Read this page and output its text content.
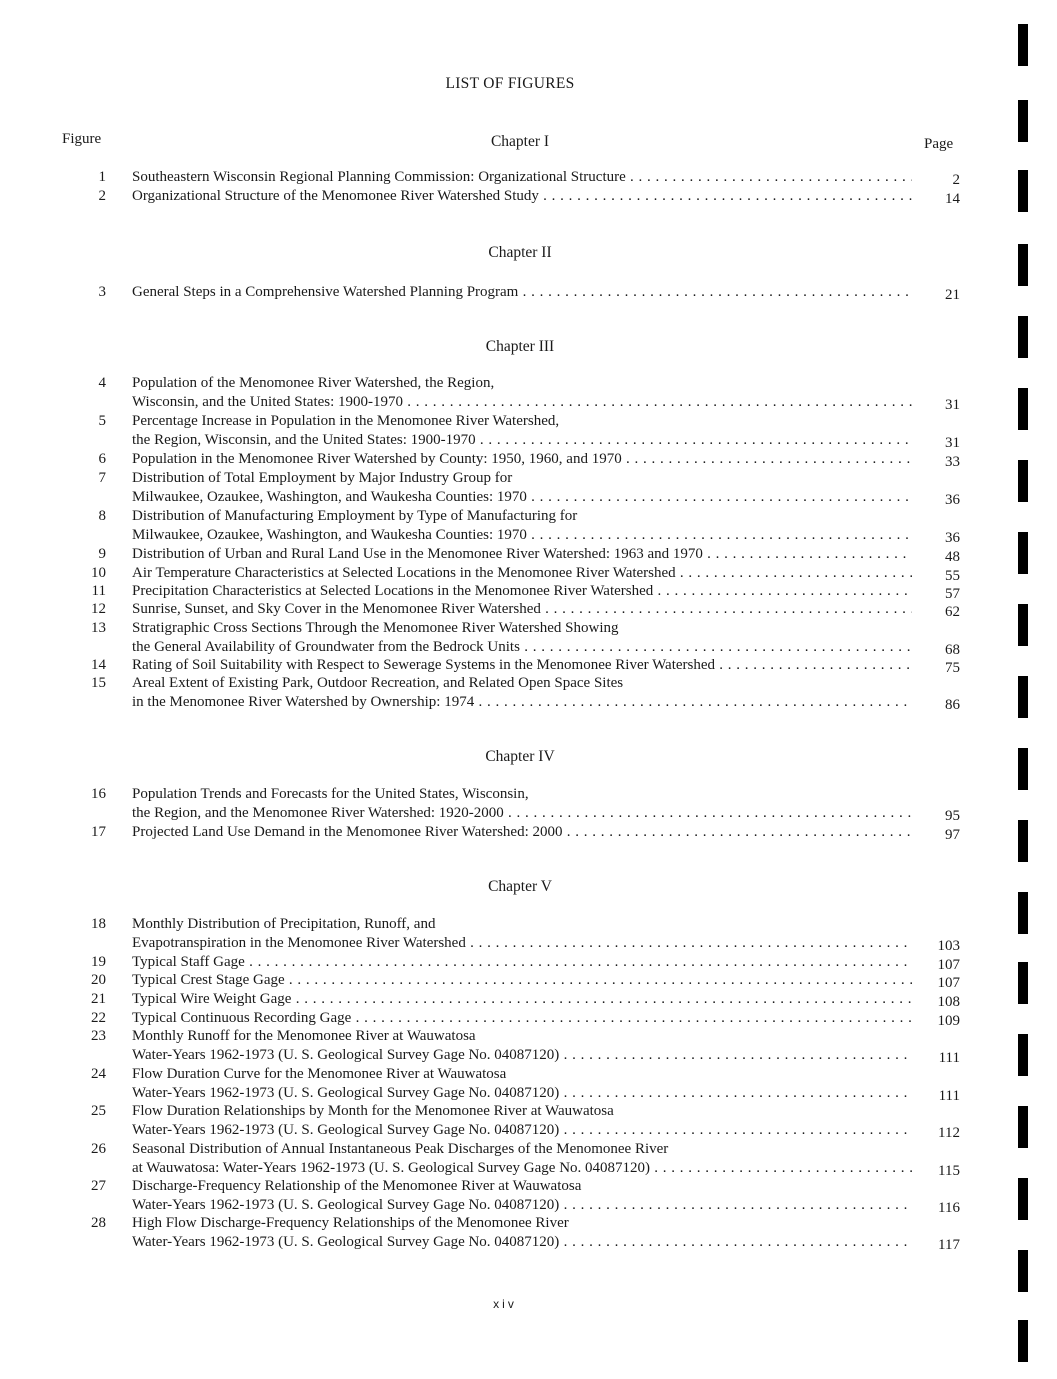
LIST OF FIGURES
Figure	Page
Chapter I
1 Southeastern Wisconsin Regional Planning Commission: Organizational Structure . . .	2
2 Organizational Structure of the Menomonee River Watershed Study . . .	14
Chapter II
3 General Steps in a Comprehensive Watershed Planning Program . . .	21
Chapter III
4 Population of the Menomonee River Watershed, the Region,
Wisconsin, and the United States: 1900-1970 . . .	31
5 Percentage Increase in Population in the Menomonee River Watershed,
the Region, Wisconsin, and the United States: 1900-1970 . . .	31
6 Population in the Menomonee River Watershed by County: 1950, 1960, and 1970 . . .	33
7 Distribution of Total Employment by Major Industry Group for
Milwaukee, Ozaukee, Washington, and Waukesha Counties: 1970 . . .	36
8 Distribution of Manufacturing Employment by Type of Manufacturing for
Milwaukee, Ozaukee, Washington, and Waukesha Counties: 1970 . . .	36
9 Distribution of Urban and Rural Land Use in the Menomonee River Watershed: 1963 and 1970 . . .	48
10 Air Temperature Characteristics at Selected Locations in the Menomonee River Watershed . . .	55
11 Precipitation Characteristics at Selected Locations in the Menomonee River Watershed . . .	57
12 Sunrise, Sunset, and Sky Cover in the Menomonee River Watershed . . .	62
13 Stratigraphic Cross Sections Through the Menomonee River Watershed Showing
the General Availability of Groundwater from the Bedrock Units . . .	68
14 Rating of Soil Suitability with Respect to Sewerage Systems in the Menomonee River Watershed . . .	75
15 Areal Extent of Existing Park, Outdoor Recreation, and Related Open Space Sites
in the Menomonee River Watershed by Ownership: 1974 . . .	86
Chapter IV
16 Population Trends and Forecasts for the United States, Wisconsin,
the Region, and the Menomonee River Watershed: 1920-2000 . . .	95
17 Projected Land Use Demand in the Menomonee River Watershed: 2000 . . .	97
Chapter V
18 Monthly Distribution of Precipitation, Runoff, and
Evapotranspiration in the Menomonee River Watershed . . .	103
19 Typical Staff Gage . . .	107
20 Typical Crest Stage Gage . . .	107
21 Typical Wire Weight Gage . . .	108
22 Typical Continuous Recording Gage . . .	109
23 Monthly Runoff for the Menomonee River at Wauwatosa
Water-Years 1962-1973 (U. S. Geological Survey Gage No. 04087120) . . .	111
24 Flow Duration Curve for the Menomonee River at Wauwatosa
Water-Years 1962-1973 (U. S. Geological Survey Gage No. 04087120) . . .	111
25 Flow Duration Relationships by Month for the Menomonee River at Wauwatosa
Water-Years 1962-1973 (U. S. Geological Survey Gage No. 04087120) . . .	112
26 Seasonal Distribution of Annual Instantaneous Peak Discharges of the Menomonee River
at Wauwatosa: Water-Years 1962-1973 (U. S. Geological Survey Gage No. 04087120) . . .	115
27 Discharge-Frequency Relationship of the Menomonee River at Wauwatosa
Water-Years 1962-1973 (U. S. Geological Survey Gage No. 04087120) . . .	116
28 High Flow Discharge-Frequency Relationships of the Menomonee River
Water-Years 1962-1973 (U. S. Geological Survey Gage No. 04087120) . . .	117
xiv
